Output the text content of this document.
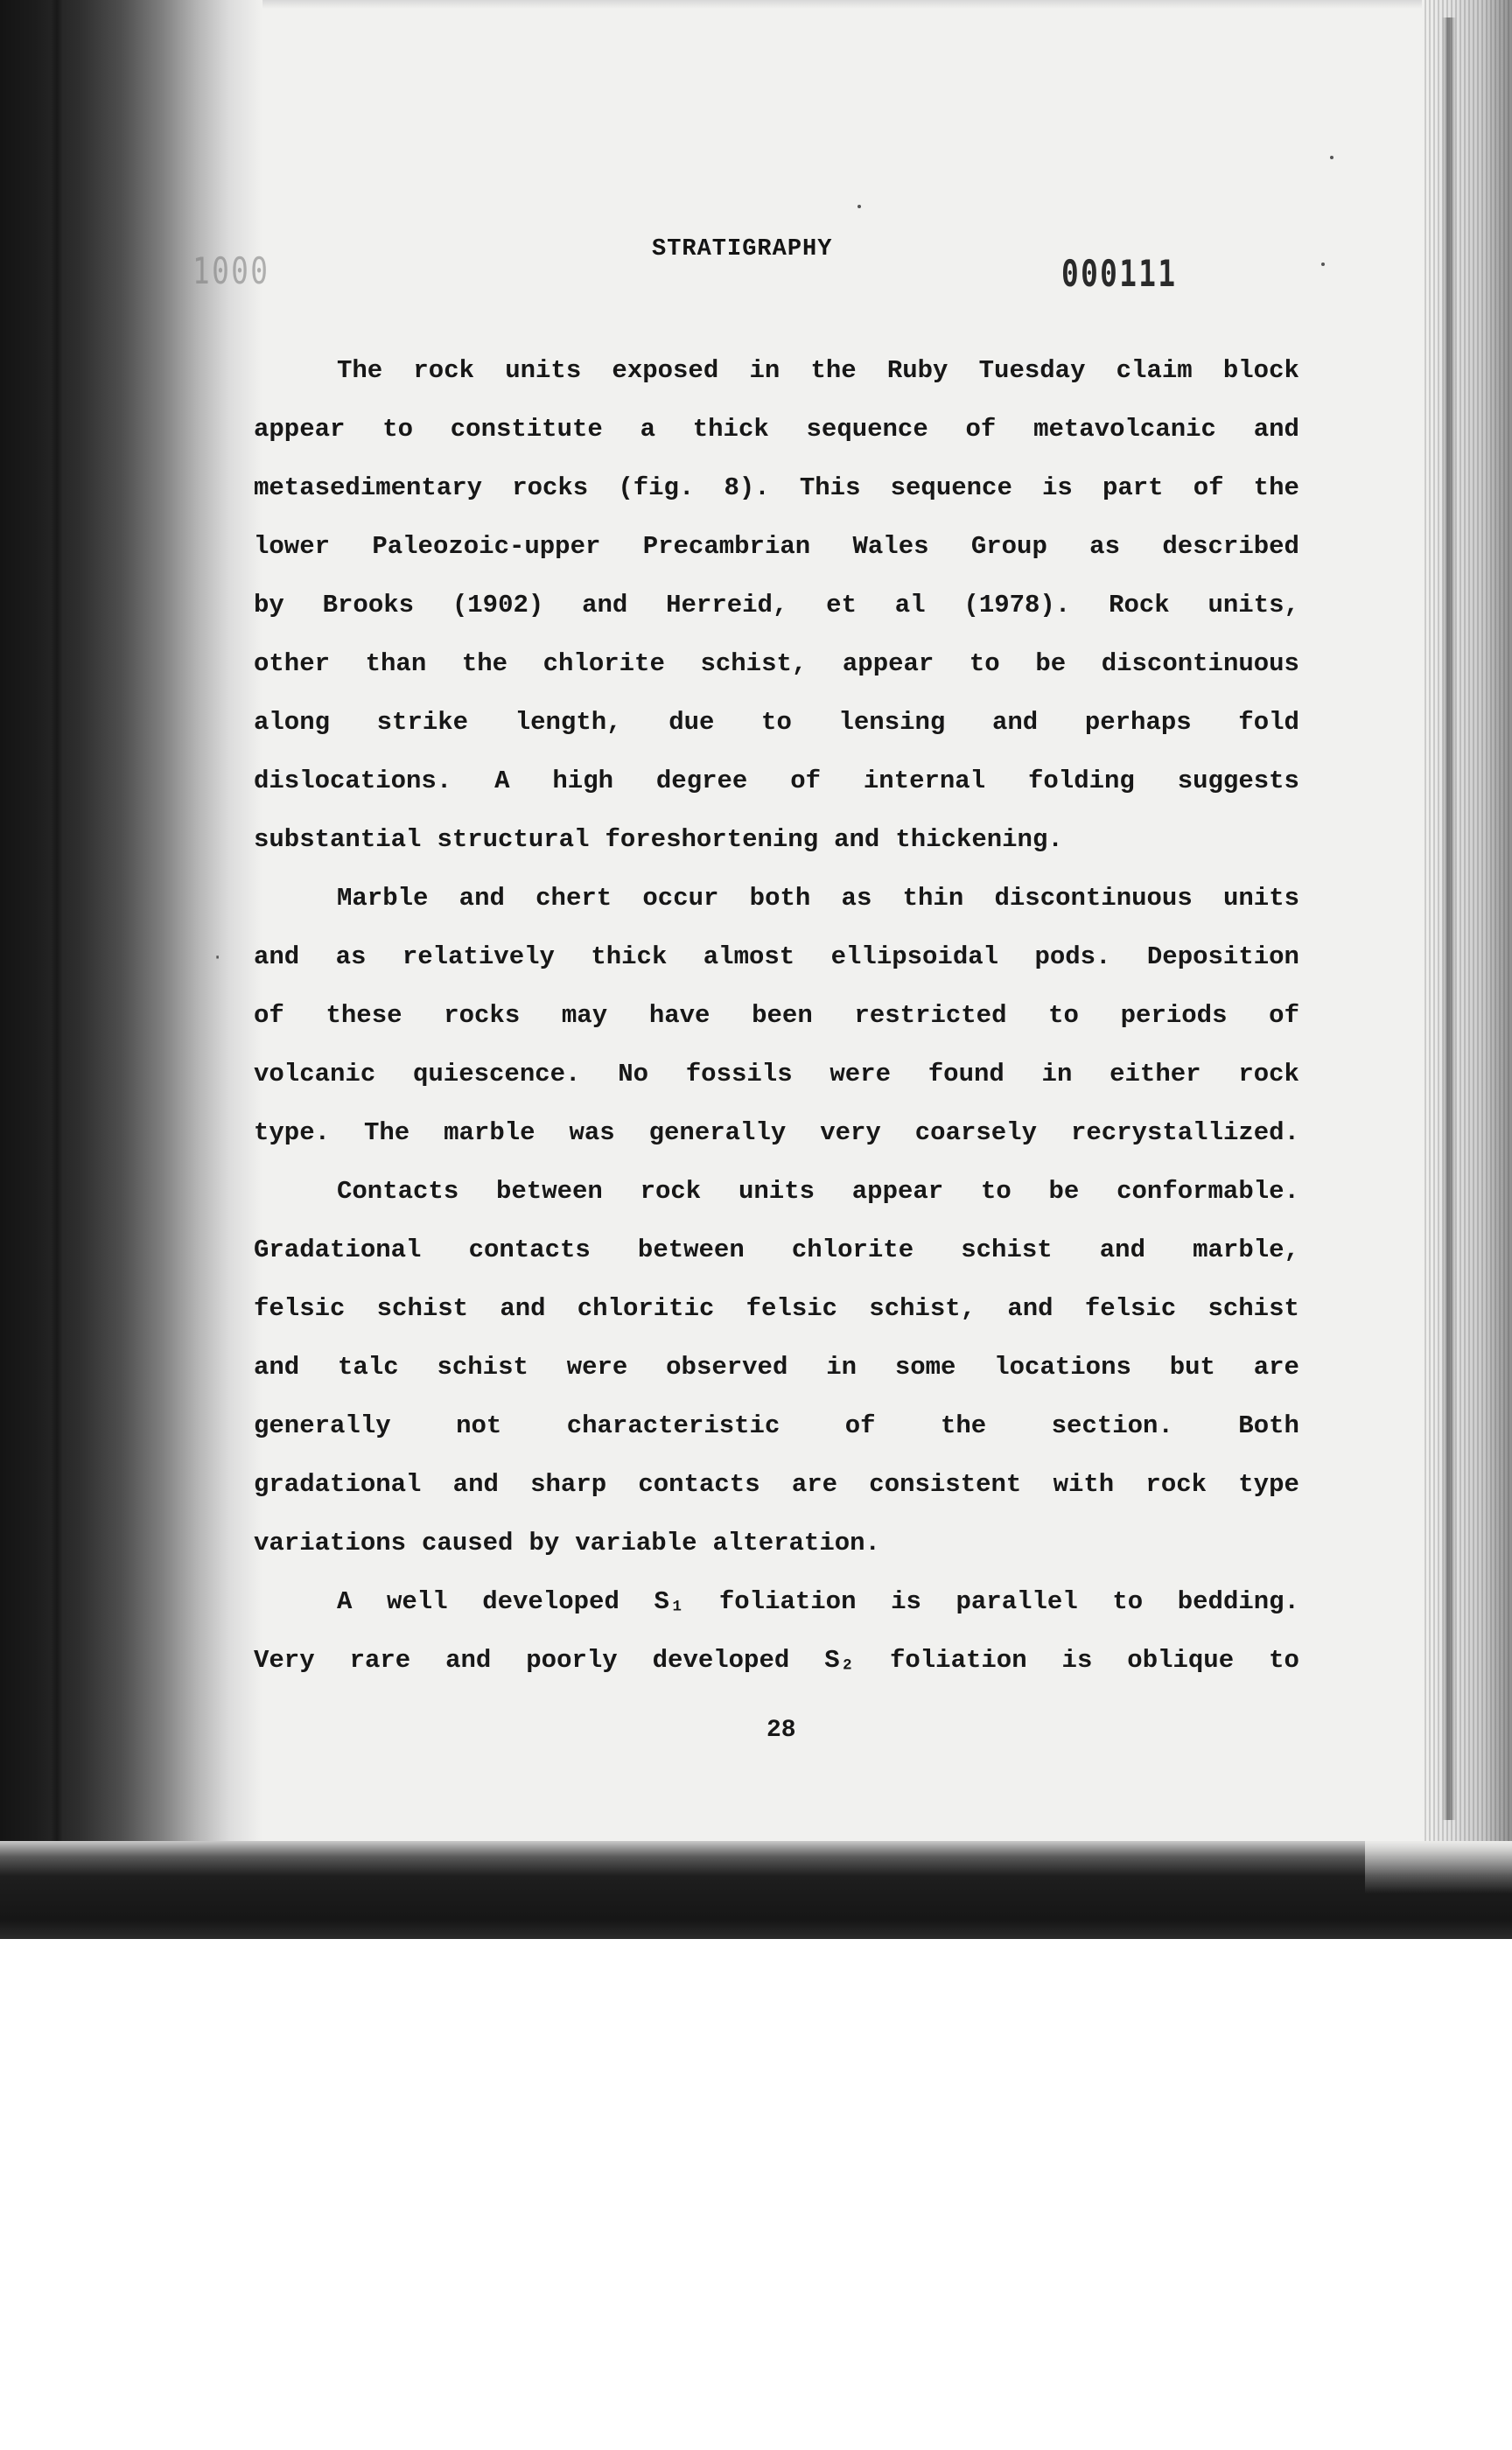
1000	STRATIGRAPHY
000111
The rock units exposed in the Ruby Tuesday claim block
appear to constitute a thick sequence of metavolcanic and
metasedimentary rocks (fig. 8). This sequence is part of the
lower Paleozoic-upper Precambrian Wales Group as described
by Brooks (1902) and Herreid, et al (1978). Rock units,
other than the chlorite schist, appear to be discontinuous
along strike length, due to lensing and perhaps fold
dislocations. A high degree of internal folding suggests
substantial structural foreshortening and thickening.
Marble and chert occur both as thin discontinuous units
and as relatively thick almost ellipsoidal pods. Deposition
of these rocks may have been restricted to periods of
volcanic quiescence. No fossils were found in either rock
type. The marble was generally very coarsely recrystallized.
Contacts between rock units appear to be conformable.
Gradational contacts between chlorite schist and marble,
felsic schist and chloritic felsic schist, and felsic schist
and talc schist were observed in some locations but are
generally	not	characteristic	of	the	section.	Both
gradational and sharp contacts are consistent with rock type
variations caused by variable alteration.
A well developed S₁ foliation is parallel to bedding.
Very rare and poorly developed S₂ foliation is oblique to
·
28
